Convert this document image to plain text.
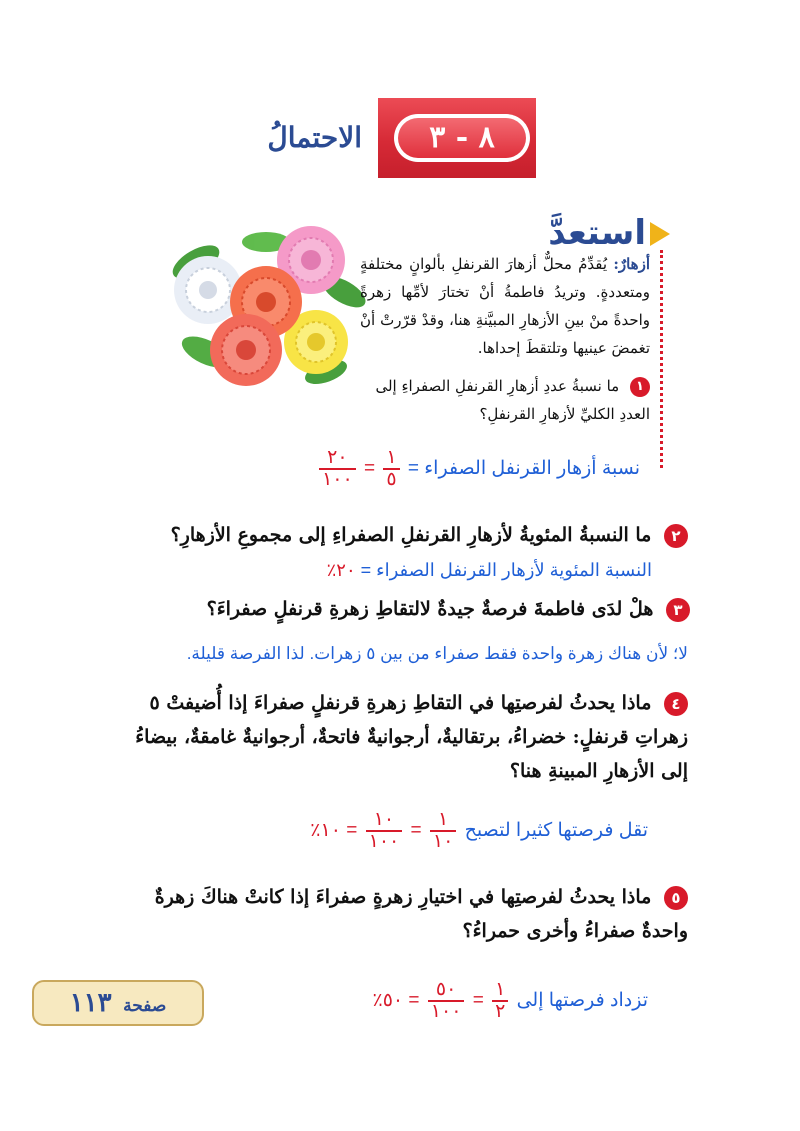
٨ - ٣
الاحتمالُ
استعدَّ
أزهارٌ: يُقدِّمُ محلٌّ أزهارَ القرنفلِ بألوانٍ مختلفةٍ ومتعددةٍ. وتريدُ فاطمةُ أنْ تختارَ لأمِّها زهرةً واحدةً منْ بينِ الأزهارِ المبيَّنةِ هنا، وقدْ قرّرتْ أنْ تغمضَ عينيها وتلتقطَ إحداها.
١ ما نسبةُ عددِ أزهارِ القرنفلِ الصفراءِ إلى العددِ الكليِّ لأزهارِ القرنفلِ؟
نسبة أزهار القرنفل الصفراء =
$\frac{١}{٥}$
=
$\frac{٢٠}{١٠٠}$
٢ ما النسبةُ المئويةُ لأزهارِ القرنفلِ الصفراءِ إلى مجموعِ الأزهارِ؟
النسبة المئوية لأزهار القرنفل الصفراء = ٢٠٪
٣ هلْ لدَى فاطمةَ فرصةٌ جيدةٌ لالتقاطِ زهرةِ قرنفلٍ صفراءَ؟
لا؛ لأن هناك زهرة واحدة فقط صفراء من بين ٥ زهرات. لذا الفرصة قليلة.
٤ ماذا يحدثُ لفرصتِها في التقاطِ زهرةِ قرنفلٍ صفراءَ إذا أُضيفتْ ٥ زهراتِ قرنفلٍ: خضراءُ، برتقاليةٌ، أرجوانيةٌ فاتحةٌ، أرجوانيةٌ غامقةٌ، بيضاءُ إلى الأزهارِ المبينةِ هنا؟
تقل فرصتها كثيرا لتصبح
$\frac{١}{١٠}$
=
$\frac{١٠}{١٠٠}$
= ١٠٪
٥ ماذا يحدثُ لفرصتِها في اختيارِ زهرةٍ صفراءَ إذا كانتْ هناكَ زهرةٌ واحدةٌ صفراءُ وأخرى حمراءُ؟
تزداد فرصتها إلى
$\frac{١}{٢}$
=
$\frac{٥٠}{١٠٠}$
= ٥٠٪
صفحة ١١٣
